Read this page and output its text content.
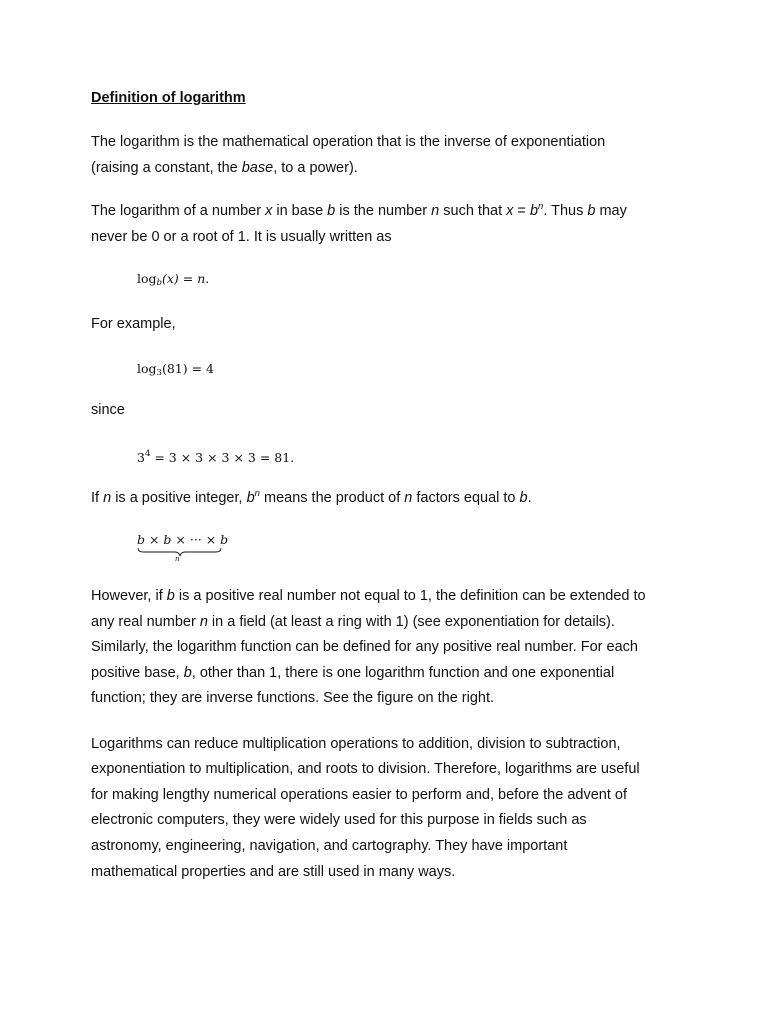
Definition of logarithm

The logarithm is the mathematical operation that is the inverse of exponentiation

(raising a constant, the base, to a power).

The logarithm of a number x in base b is the number n such that $x = b^n$. Thus b may

never be 0 or a root of 1. It is usually written as

$\log_b(x) = n$.

For example,

$\log_3(81) = 4$

since

$3^4 = 3 \times 3 \times 3 \times 3 = 81$.

If n is a positive integer, $b^n$ means the product of n factors equal to b.

b × b × ··· × b
n

However, if b is a positive real number not equal to 1, the definition can be extended to

any real number n in a field (at least a ring with 1) (see exponentiation for details).

Similarly, the logarithm function can be defined for any positive real number. For each

positive base, b, other than 1, there is one logarithm function and one exponential

function; they are inverse functions. See the figure on the right.

Logarithms can reduce multiplication operations to addition, division to subtraction,

exponentiation to multiplication, and roots to division. Therefore, logarithms are useful

for making lengthy numerical operations easier to perform and, before the advent of

electronic computers, they were widely used for this purpose in fields such as

astronomy, engineering, navigation, and cartography. They have important

mathematical properties and are still used in many ways.
